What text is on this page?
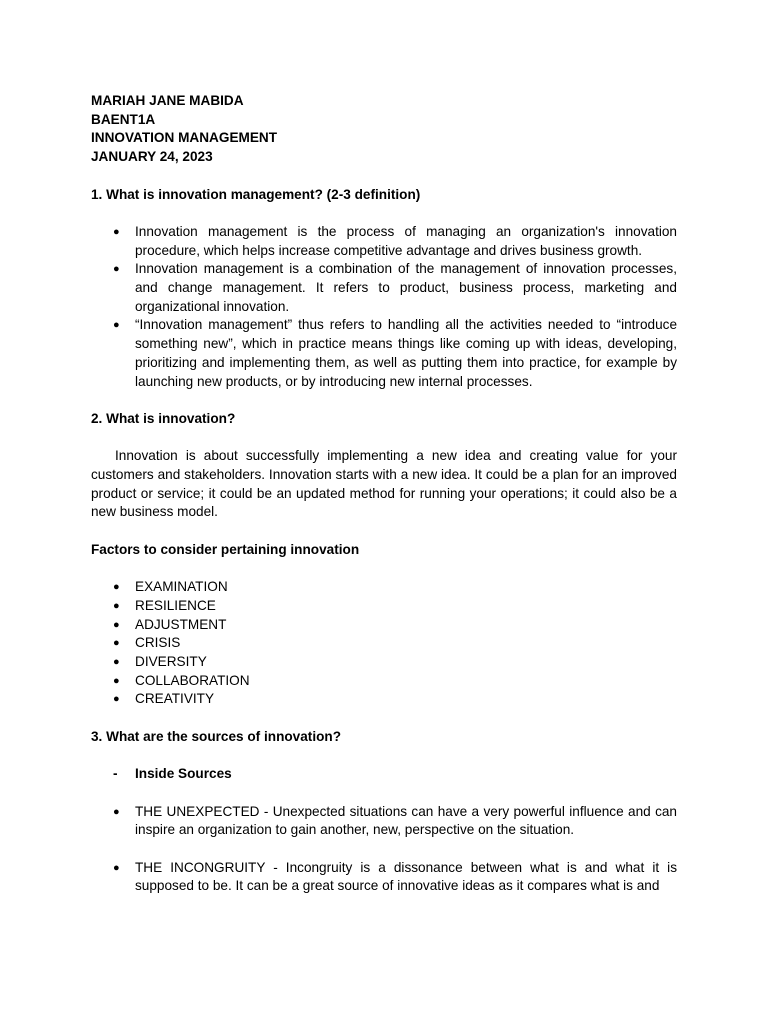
MARIAH JANE MABIDA

BAENT1A

INNOVATION MANAGEMENT

JANUARY 24, 2023

1. What is innovation management? (2-3 definition)

● Innovation management is the process of managing an organization's innovation procedure, which helps increase competitive advantage and drives business growth.
● Innovation management is a combination of the management of innovation processes, and change management. It refers to product, business process, marketing and organizational innovation.
● “Innovation management” thus refers to handling all the activities needed to “introduce something new”, which in practice means things like coming up with ideas, developing, prioritizing and implementing them, as well as putting them into practice, for example by launching new products, or by introducing new internal processes.

2. What is innovation?

Innovation is about successfully implementing a new idea and creating value for your customers and stakeholders. Innovation starts with a new idea. It could be a plan for an improved product or service; it could be an updated method for running your operations; it could also be a new business model.

Factors to consider pertaining innovation

● EXAMINATION
● RESILIENCE
● ADJUSTMENT
● CRISIS
● DIVERSITY
● COLLABORATION
● CREATIVITY

3. What are the sources of innovation?

- Inside Sources

● THE UNEXPECTED - Unexpected situations can have a very powerful influence and can inspire an organization to gain another, new, perspective on the situation.
● THE INCONGRUITY - Incongruity is a dissonance between what is and what it is supposed to be. It can be a great source of innovative ideas as it compares what is and
